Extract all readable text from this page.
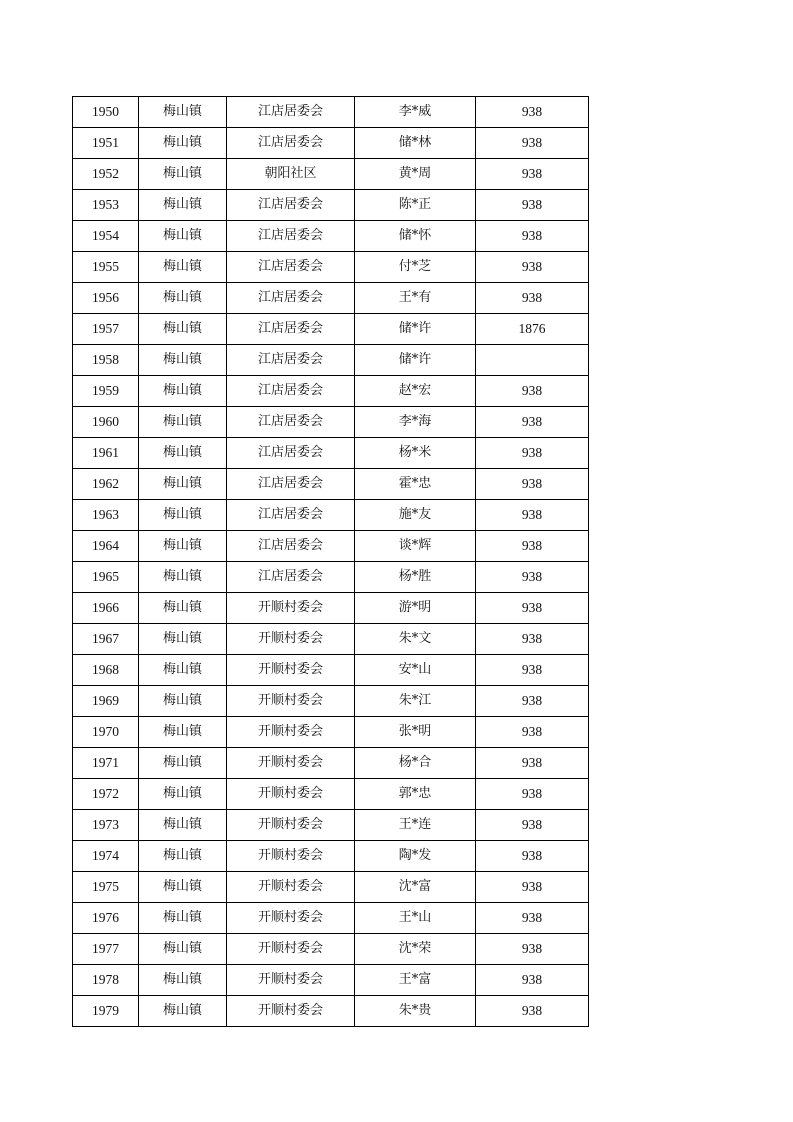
1950	梅山镇	江店居委会	李*威	938
1951	梅山镇	江店居委会	储*林	938
1952	梅山镇	朝阳社区	黄*周	938
1953	梅山镇	江店居委会	陈*正	938
1954	梅山镇	江店居委会	储*怀	938
1955	梅山镇	江店居委会	付*芝	938
1956	梅山镇	江店居委会	王*有	938
1957	梅山镇	江店居委会	储*许	1876
1958	梅山镇	江店居委会	储*许	
1959	梅山镇	江店居委会	赵*宏	938
1960	梅山镇	江店居委会	李*海	938
1961	梅山镇	江店居委会	杨*米	938
1962	梅山镇	江店居委会	霍*忠	938
1963	梅山镇	江店居委会	施*友	938
1964	梅山镇	江店居委会	谈*辉	938
1965	梅山镇	江店居委会	杨*胜	938
1966	梅山镇	开顺村委会	游*明	938
1967	梅山镇	开顺村委会	朱*文	938
1968	梅山镇	开顺村委会	安*山	938
1969	梅山镇	开顺村委会	朱*江	938
1970	梅山镇	开顺村委会	张*明	938
1971	梅山镇	开顺村委会	杨*合	938
1972	梅山镇	开顺村委会	郭*忠	938
1973	梅山镇	开顺村委会	王*连	938
1974	梅山镇	开顺村委会	陶*发	938
1975	梅山镇	开顺村委会	沈*富	938
1976	梅山镇	开顺村委会	王*山	938
1977	梅山镇	开顺村委会	沈*荣	938
1978	梅山镇	开顺村委会	王*富	938
1979	梅山镇	开顺村委会	朱*贵	938
